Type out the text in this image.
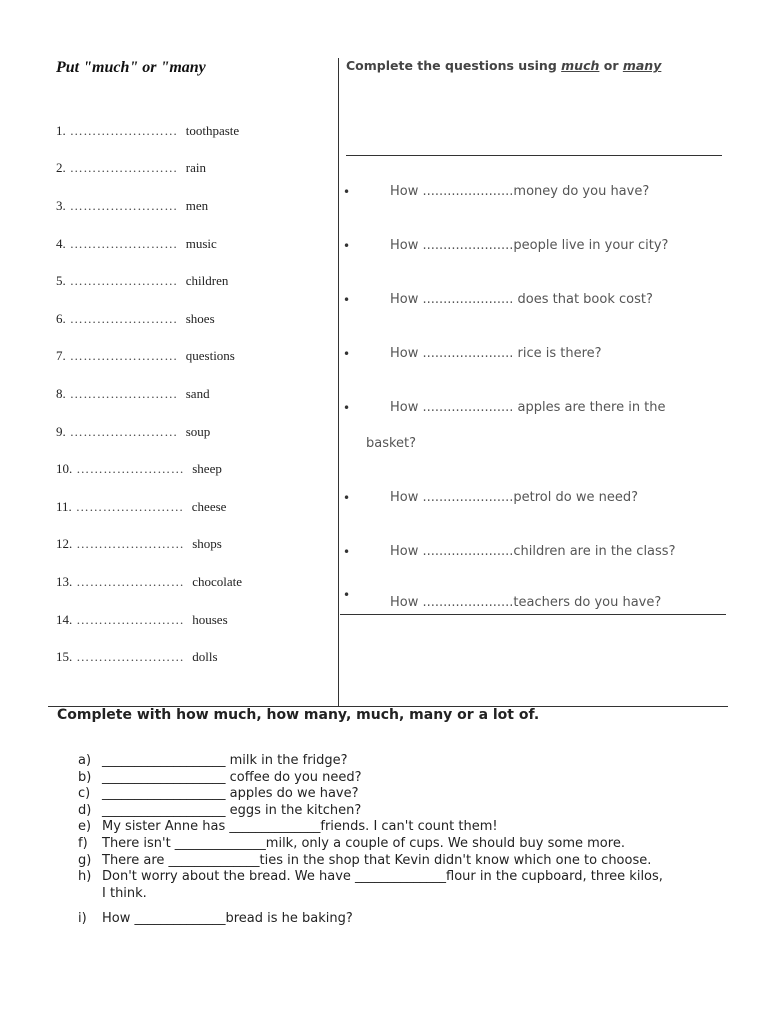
Put "much" or "many
1. …………………… toothpaste
2. …………………… rain
3. …………………… men
4. …………………… music
5. …………………… children
6. …………………… shoes
7. …………………… questions
8. …………………… sand
9. …………………… soup
10. …………………… sheep
11. …………………… cheese
12. …………………… shops
13. …………………… chocolate
14. …………………… houses
15. …………………… dolls
Complete the questions using much or many
•	How ......................money do you have?
•	How ......................people live in your city?
•	How ...................... does that book cost?
•	How ...................... rice is there?
•	How ...................... apples are there in the
basket?
•	How ......................petrol do we need?
•	How ......................children are in the class?
•	How ......................teachers do you have?
Complete with how much, how many, much, many or a lot of.
a) ___________________ milk in the fridge?
b) ___________________ coffee do you need?
c) ___________________ apples do we have?
d) ___________________ eggs in the kitchen?
e) My sister Anne has ______________friends. I can't count them!
f)	There isn't ______________milk, only a couple of cups. We should buy some more.
g) There are ______________ties in the shop that Kevin didn't know which one to choose.
h) Don't worry about the bread. We have ______________flour in the cupboard, three kilos,
I think.
i)	How ______________bread is he baking?
